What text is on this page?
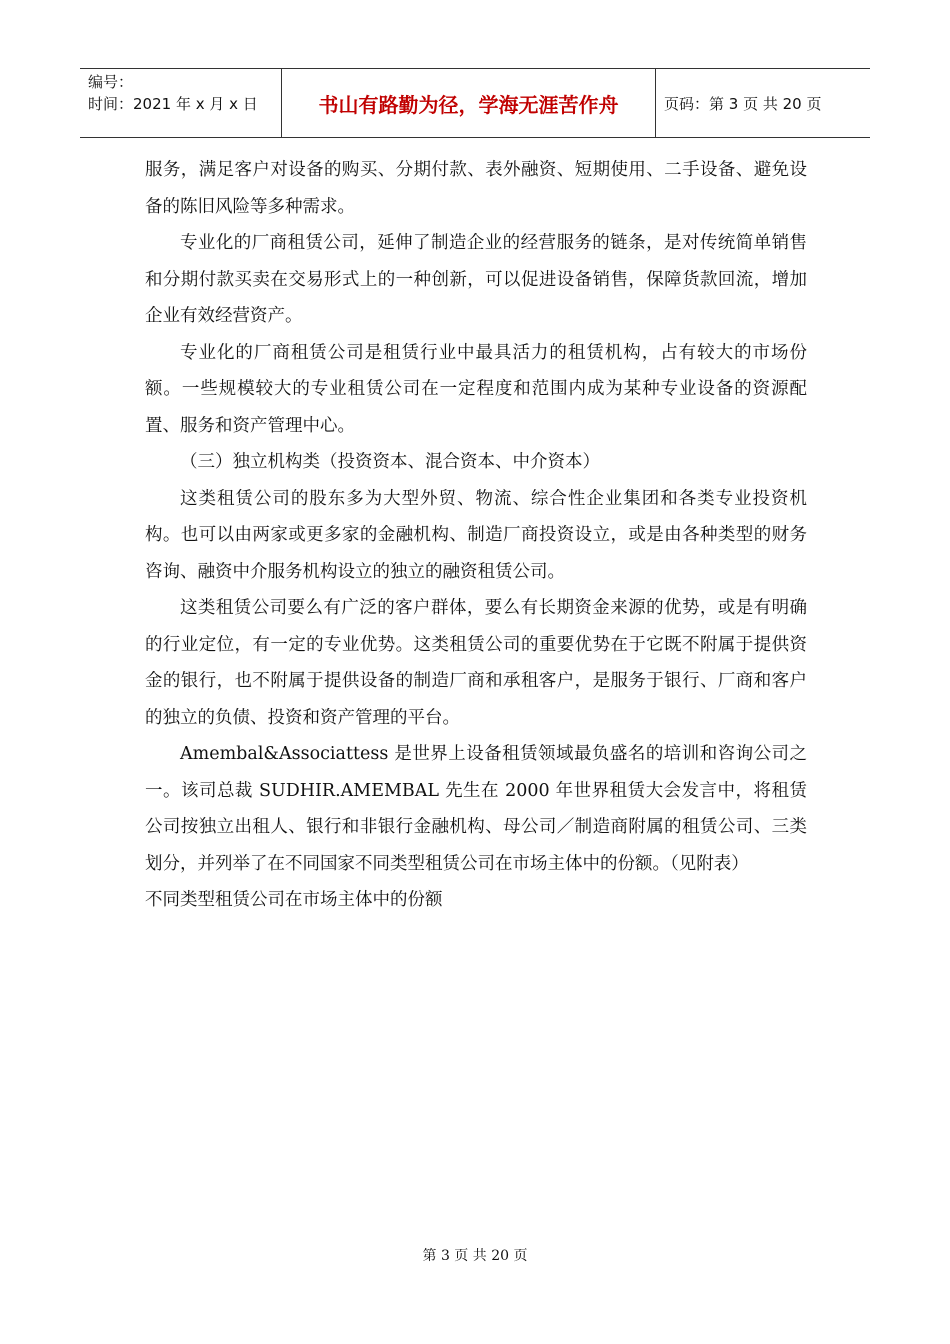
编号：
时间：2021 年 x 月 x 日	书山有路勤为径，学海无涯苦作舟	页码：第 3 页 共 20 页

服务，满足客户对设备的购买、分期付款、表外融资、短期使用、二手设备、避免设备的陈旧风险等多种需求。

专业化的厂商租赁公司，延伸了制造企业的经营服务的链条，是对传统简单销售和分期付款买卖在交易形式上的一种创新，可以促进设备销售，保障货款回流，增加企业有效经营资产。

专业化的厂商租赁公司是租赁行业中最具活力的租赁机构，占有较大的市场份额。一些规模较大的专业租赁公司在一定程度和范围内成为某种专业设备的资源配置、服务和资产管理中心。

（三）独立机构类（投资资本、混合资本、中介资本）

这类租赁公司的股东多为大型外贸、物流、综合性企业集团和各类专业投资机构。也可以由两家或更多家的金融机构、制造厂商投资设立，或是由各种类型的财务咨询、融资中介服务机构设立的独立的融资租赁公司。

这类租赁公司要么有广泛的客户群体，要么有长期资金来源的优势，或是有明确的行业定位，有一定的专业优势。这类租赁公司的重要优势在于它既不附属于提供资金的银行，也不附属于提供设备的制造厂商和承租客户，是服务于银行、厂商和客户的独立的负债、投资和资产管理的平台。

Amembal&Associattess 是世界上设备租赁领域最负盛名的培训和咨询公司之一。该司总裁 SUDHIR.AMEMBAL 先生在 2000 年世界租赁大会发言中，将租赁公司按独立出租人、银行和非银行金融机构、母公司／制造商附属的租赁公司、三类划分，并列举了在不同国家不同类型租赁公司在市场主体中的份额。（见附表）

不同类型租赁公司在市场主体中的份额

第 3 页 共 20 页
